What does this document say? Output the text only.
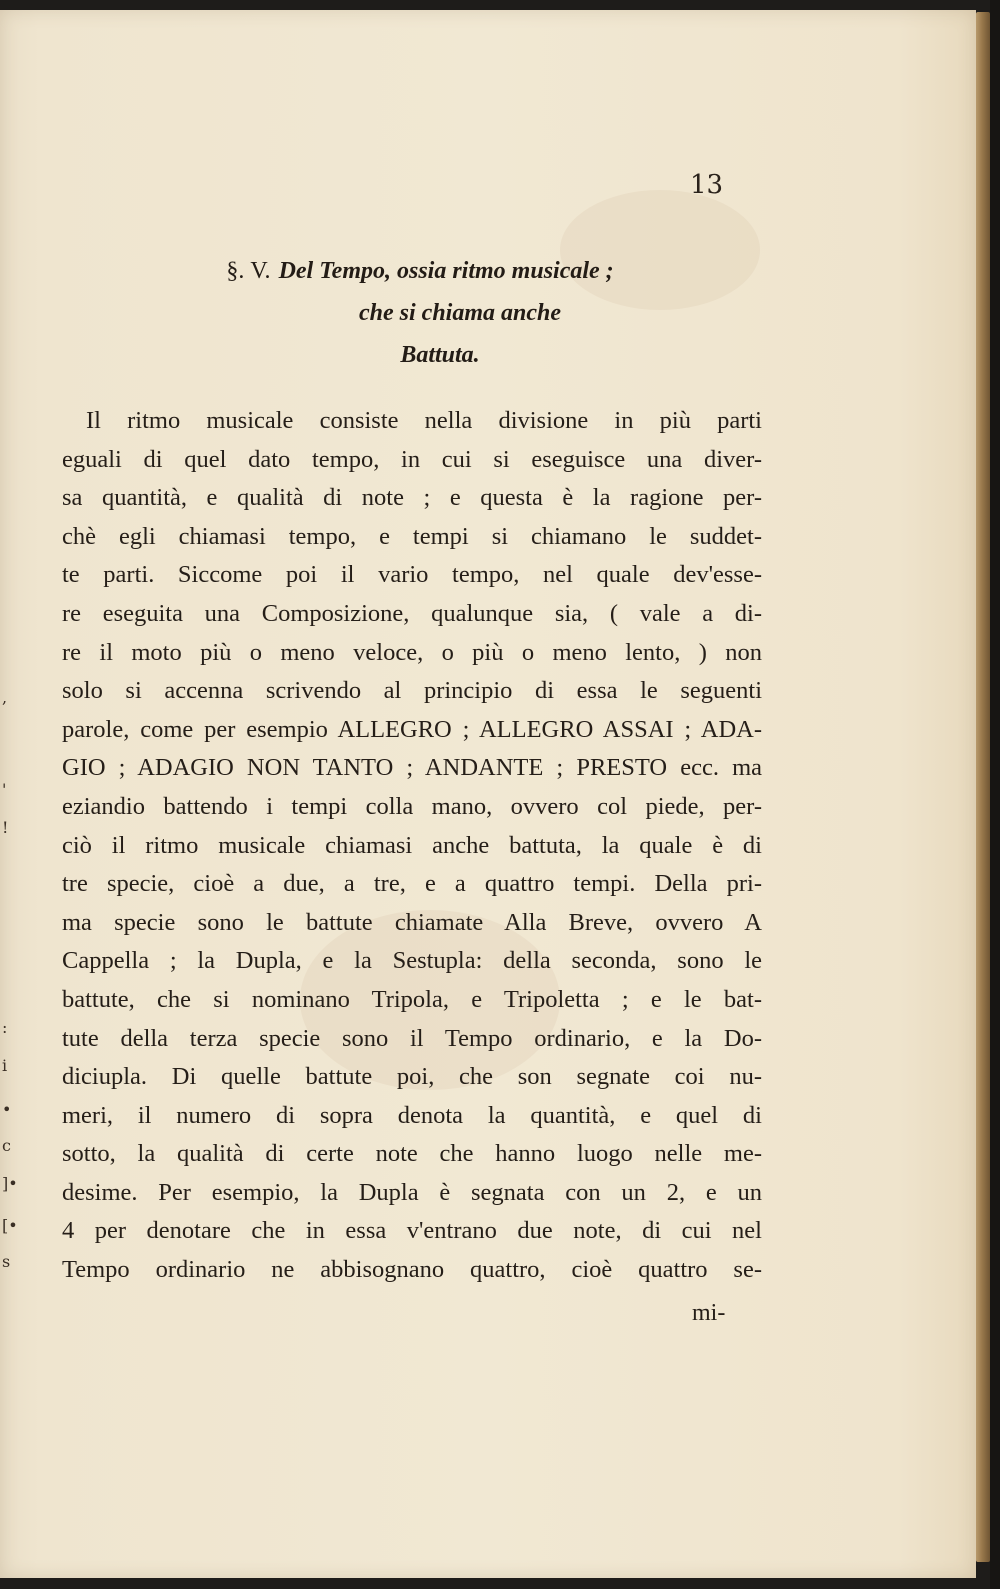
,
'
!
:
i
•
c
]•
[•
s
13
§. V. Del Tempo, ossia ritmo musicale ;
che si chiama anche
Battuta.
Il ritmo musicale consiste nella divisione in più parti
eguali di quel dato tempo, in cui si eseguisce una diver-
sa quantità, e qualità di note ; e questa è la ragione per-
chè egli chiamasi tempo, e tempi si chiamano le suddet-
te parti. Siccome poi il vario tempo, nel quale dev'esse-
re eseguita una Composizione, qualunque sia, ( vale a di-
re il moto più o meno veloce, o più o meno lento, ) non
solo si accenna scrivendo al principio di essa le seguenti
parole, come per esempio ALLEGRO ; ALLEGRO ASSAI ; ADA-
GIO ; ADAGIO NON TANTO ; ANDANTE ; PRESTO ecc. ma
eziandio battendo i tempi colla mano, ovvero col piede, per-
ciò il ritmo musicale chiamasi anche battuta, la quale è di
tre specie, cioè a due, a tre, e a quattro tempi. Della pri-
ma specie sono le battute chiamate Alla Breve, ovvero A
Cappella ; la Dupla, e la Sestupla: della seconda, sono le
battute, che si nominano Tripola, e Tripoletta ; e le bat-
tute della terza specie sono il Tempo ordinario, e la Do-
diciupla. Di quelle battute poi, che son segnate coi nu-
meri, il numero di sopra denota la quantità, e quel di
sotto, la qualità di certe note che hanno luogo nelle me-
desime. Per esempio, la Dupla è segnata con un 2, e un
4 per denotare che in essa v'entrano due note, di cui nel
Tempo ordinario ne abbisognano quattro, cioè quattro se-
mi-
